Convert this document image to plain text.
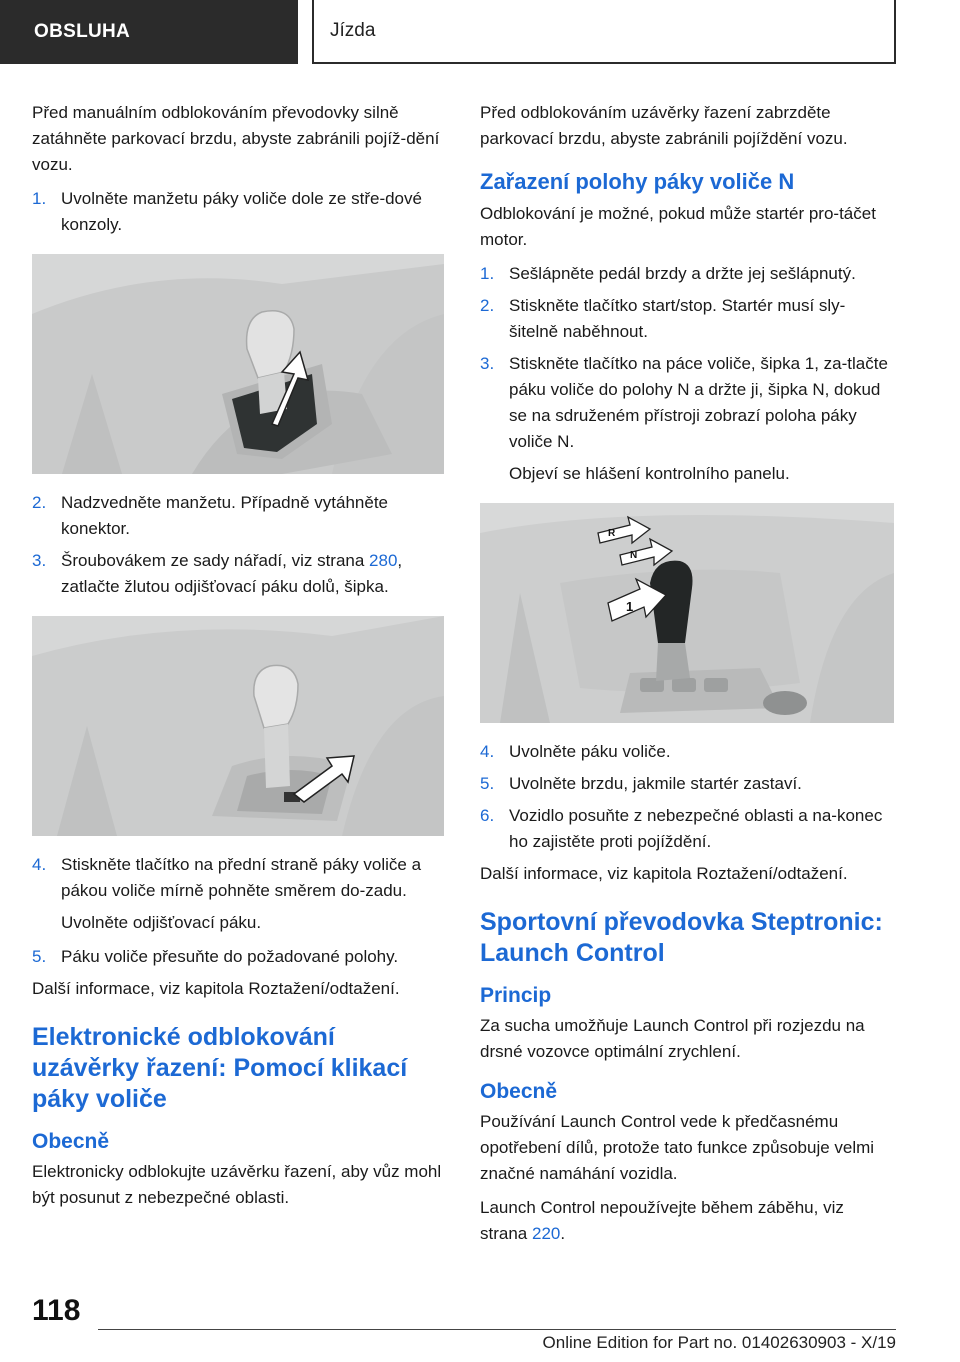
OBSLUHA	Jízda

Před manuálním odblokováním převodovky silně zatáhněte parkovací brzdu, abyste zabránili pojíž‐dění vozu.

1. Uvolněte manžetu páky voliče dole ze stře‐dové konzoly.
2. Nadzvedněte manžetu. Případně vytáhněte konektor.
3. Šroubovákem ze sady nářadí, viz strana 280, zatlačte žlutou odjišťovací páku dolů, šipka.
4. Stiskněte tlačítko na přední straně páky voliče a pákou voliče mírně pohněte směrem do‐zadu.

Uvolněte odjišťovací páku.

5. Páku voliče přesuňte do požadované polohy.

Další informace, viz kapitola Roztažení/odtažení.

Elektronické odblokování uzávěrky řazení: Pomocí klikací páky voliče
Obecně

Elektronicky odblokujte uzávěrku řazení, aby vůz mohl být posunut z nebezpečné oblasti.

Před odblokováním uzávěrky řazení zabrzděte parkovací brzdu, abyste zabránili pojíždění vozu.

Zařazení polohy páky voliče N

Odblokování je možné, pokud může startér pro‐táčet motor.

1. Sešlápněte pedál brzdy a držte jej sešlápnutý.
2. Stiskněte tlačítko start/stop. Startér musí sly‐šitelně naběhnout.
3. Stiskněte tlačítko na páce voliče, šipka 1, za‐tlačte páku voliče do polohy N a držte ji, šipka N, dokud se na sdruženém přístroji zobrazí poloha páky voliče N.

Objeví se hlášení kontrolního panelu.

R
N
1
4. Uvolněte páku voliče.
5. Uvolněte brzdu, jakmile startér zastaví.
6. Vozidlo posuňte z nebezpečné oblasti a na‐konec ho zajistěte proti pojíždění.

Další informace, viz kapitola Roztažení/odtažení.

Sportovní převodovka Steptronic: Launch Control
Princip

Za sucha umožňuje Launch Control při rozjezdu na drsné vozovce optimální zrychlení.

Obecně

Používání Launch Control vede k předčasnému opotřebení dílů, protože tato funkce způsobuje velmi značné namáhání vozidla.

Launch Control nepoužívejte během záběhu, viz strana 220.

118
Online Edition for Part no. 01402630903 - X/19
